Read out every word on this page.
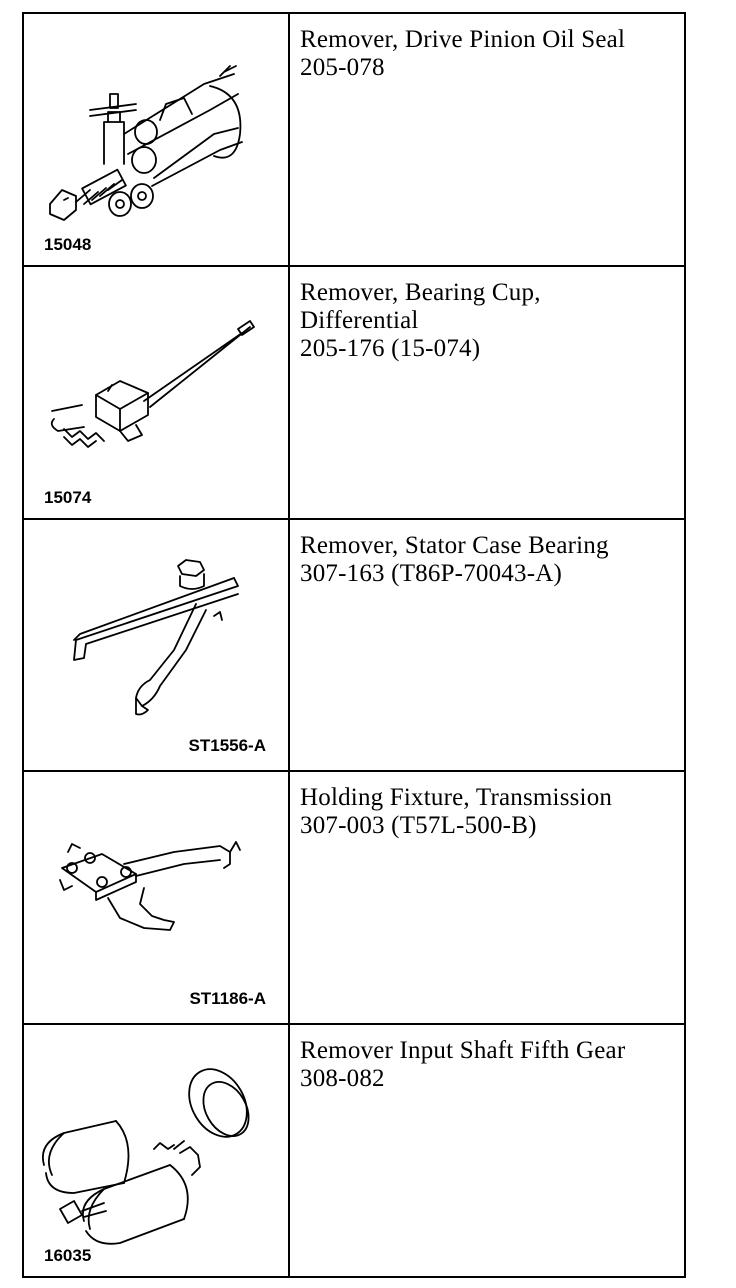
15048
Remover, Drive Pinion Oil Seal
205-078
15074
Remover, Bearing Cup,
Differential
205-176 (15-074)
ST1556-A
Remover, Stator Case Bearing
307-163 (T86P-70043-A)
ST1186-A
Holding Fixture, Transmission
307-003 (T57L-500-B)
16035
Remover Input Shaft Fifth Gear
308-082
